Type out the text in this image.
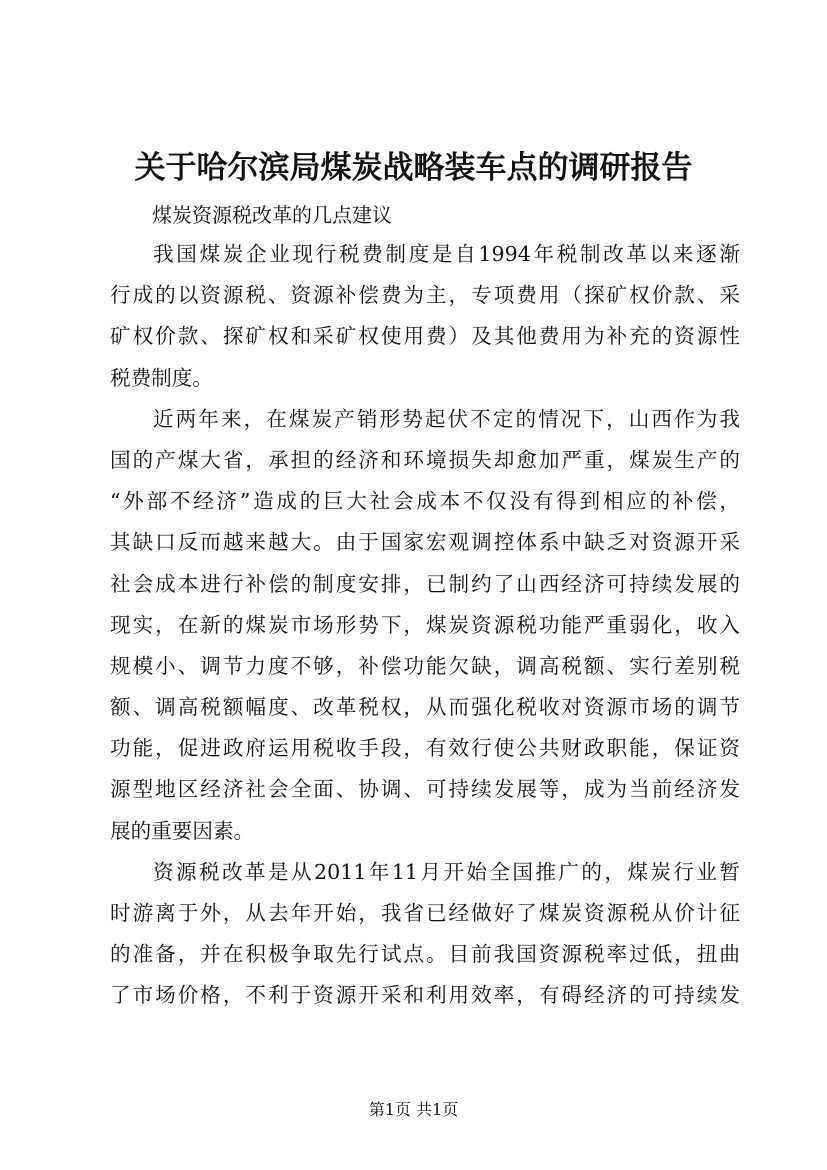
关于哈尔滨局煤炭战略装车点的调研报告
煤炭资源税改革的几点建议
我国煤炭企业现行税费制度是自1994年税制改革以来逐渐
行成的以资源税、资源补偿费为主，专项费用（探矿权价款、采
矿权价款、探矿权和采矿权使用费）及其他费用为补充的资源性
税费制度。
近两年来，在煤炭产销形势起伏不定的情况下，山西作为我
国的产煤大省，承担的经济和环境损失却愈加严重，煤炭生产的
“外部不经济”造成的巨大社会成本不仅没有得到相应的补偿，
其缺口反而越来越大。由于国家宏观调控体系中缺乏对资源开采
社会成本进行补偿的制度安排，已制约了山西经济可持续发展的
现实，在新的煤炭市场形势下，煤炭资源税功能严重弱化，收入
规模小、调节力度不够，补偿功能欠缺，调高税额、实行差别税
额、调高税额幅度、改革税权，从而强化税收对资源市场的调节
功能，促进政府运用税收手段，有效行使公共财政职能，保证资
源型地区经济社会全面、协调、可持续发展等，成为当前经济发
展的重要因素。
资源税改革是从2011年11月开始全国推广的，煤炭行业暂
时游离于外，从去年开始，我省已经做好了煤炭资源税从价计征
的准备，并在积极争取先行试点。目前我国资源税率过低，扭曲
了市场价格，不利于资源开采和利用效率，有碍经济的可持续发
第1页 共1页
